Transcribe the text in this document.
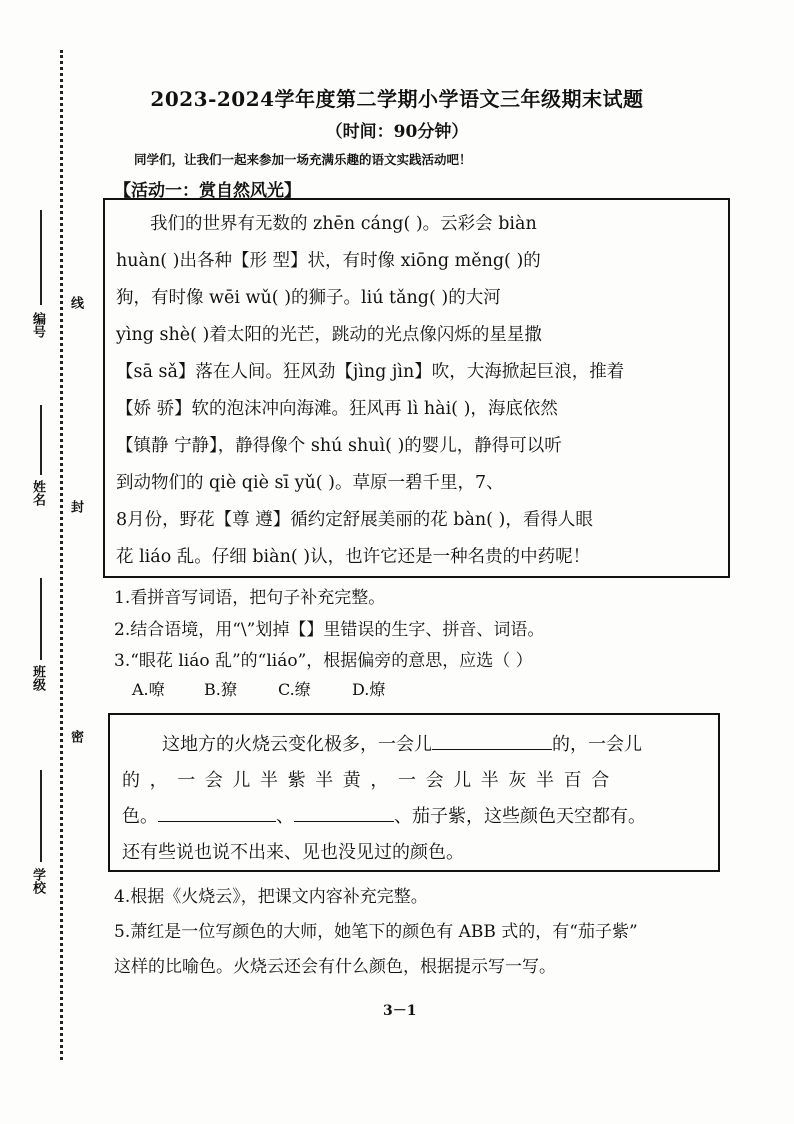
编号
线
姓名
封
班级
密
学校
2023-2024学年度第二学期小学语文三年级期末试题
（时间：90分钟）
同学们，让我们一起来参加一场充满乐趣的语文实践活动吧！
【活动一：赏自然风光】
我们的世界有无数的 zhēn cáng( )。云彩会 biàn
huàn( )出各种【形 型】状，有时像 xiōng měng( )的
狗，有时像 wēi wǔ( )的狮子。liú tǎng( )的大河
yìng shè( )着太阳的光芒，跳动的光点像闪烁的星星撒
【sā sǎ】落在人间。狂风劲【jìng jìn】吹，大海掀起巨浪，推着
【娇 骄】软的泡沫冲向海滩。狂风再 lì hài( )，海底依然
【镇静 宁静】，静得像个 shú shuì( )的婴儿，静得可以听
到动物们的 qiè qiè sī yǔ( )。草原一碧千里，7、
8月份，野花【尊 遵】循约定舒展美丽的花 bàn( )，看得人眼
花 liáo 乱。仔细 biàn( )认，也许它还是一种名贵的中药呢！
1.看拼音写词语，把句子补充完整。
2.结合语境，用“\”划掉【】里错误的生字、拼音、词语。
3.“眼花 liáo 乱”的“liáo”，根据偏旁的意思，应选（ ）
A.嘹 B.獠	C.缭	D.燎
这地方的火烧云变化极多，一会儿	的，一会儿
的，一会儿半紫半黄，一会儿半灰半百合
色。	、	、茄子紫，这些颜色天空都有。
还有些说也说不出来、见也没见过的颜色。
4.根据《火烧云》，把课文内容补充完整。
5.萧红是一位写颜色的大师，她笔下的颜色有 ABB 式的，有“茄子紫”
这样的比喻色。火烧云还会有什么颜色，根据提示写一写。
3－1
